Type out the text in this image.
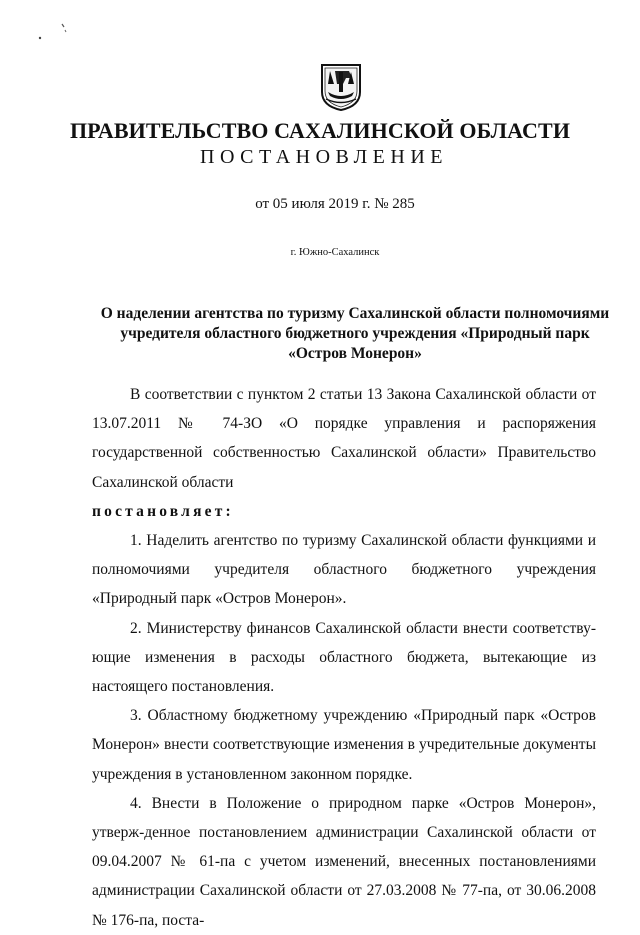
ПРАВИТЕЛЬСТВО САХАЛИНСКОЙ ОБЛАСТИ
ПОСТАНОВЛЕНИЕ
от 05 июля 2019 г. № 285
г. Южно-Сахалинск
О наделении агентства по туризму Сахалинской области полномочиями
учредителя областного бюджетного учреждения «Природный парк
«Остров Монерон»

В соответствии с пунктом 2 статьи 13 Закона Сахалинской области от 13.07.2011 № 74-ЗО «О порядке управления и распоряжения государственной собственностью Сахалинской области» Правительство Сахалинской области

постановляет:

1. Наделить агентство по туризму Сахалинской области функциями и полномочиями учредителя областного бюджетного учреждения «Природный парк «Остров Монерон».

2. Министерству финансов Сахалинской области внести соответству-ющие изменения в расходы областного бюджета, вытекающие из настоящего постановления.

3. Областному бюджетному учреждению «Природный парк «Остров Монерон» внести соответствующие изменения в учредительные документы учреждения в установленном законном порядке.

4. Внести в Положение о природном парке «Остров Монерон», утверж-денное постановлением администрации Сахалинской области от 09.04.2007 № 61-па с учетом изменений, внесенных постановлениями администрации Сахалинской области от 27.03.2008 № 77-па, от 30.06.2008 № 176-па, поста-
